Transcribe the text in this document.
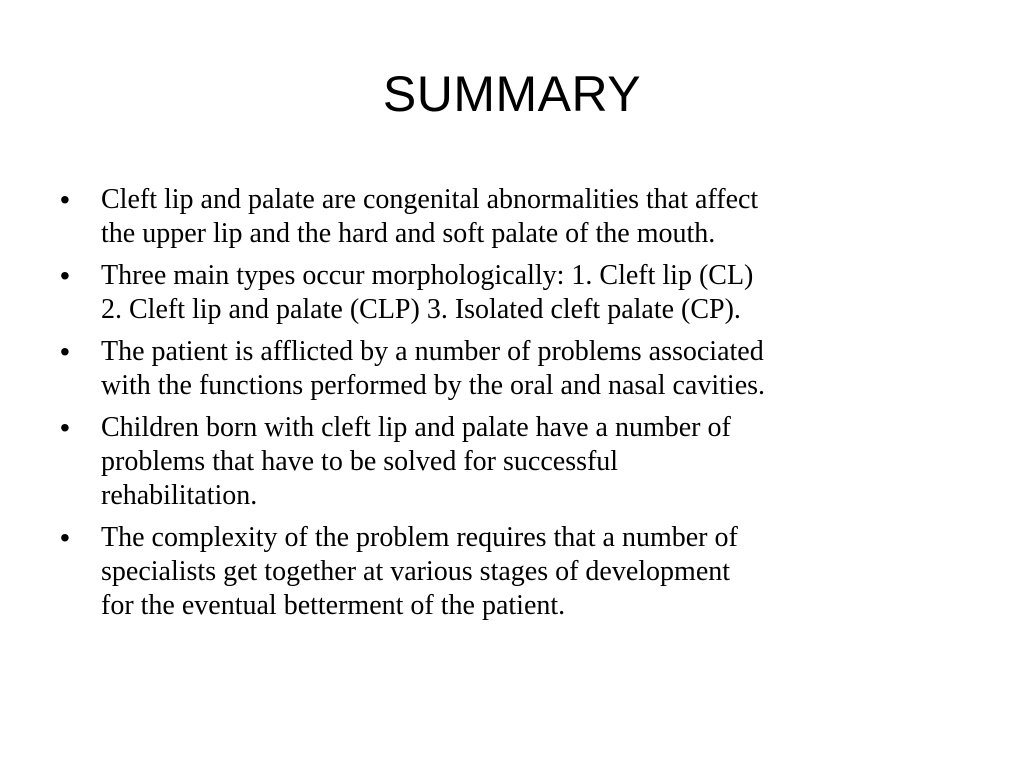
SUMMARY
•	Cleft lip and palate are congenital abnormalities that affect
the upper lip and the hard and soft palate of the mouth.
•	Three main types occur morphologically: 1. Cleft lip (CL)
2. Cleft lip and palate (CLP) 3. Isolated cleft palate (CP).
•	The patient is afflicted by a number of problems associated
with the functions performed by the oral and nasal cavities.
•	Children born with cleft lip and palate have a number of
problems that have to be solved for successful
rehabilitation.
•	The complexity of the problem requires that a number of
specialists get together at various stages of development
for the eventual betterment of the patient.
